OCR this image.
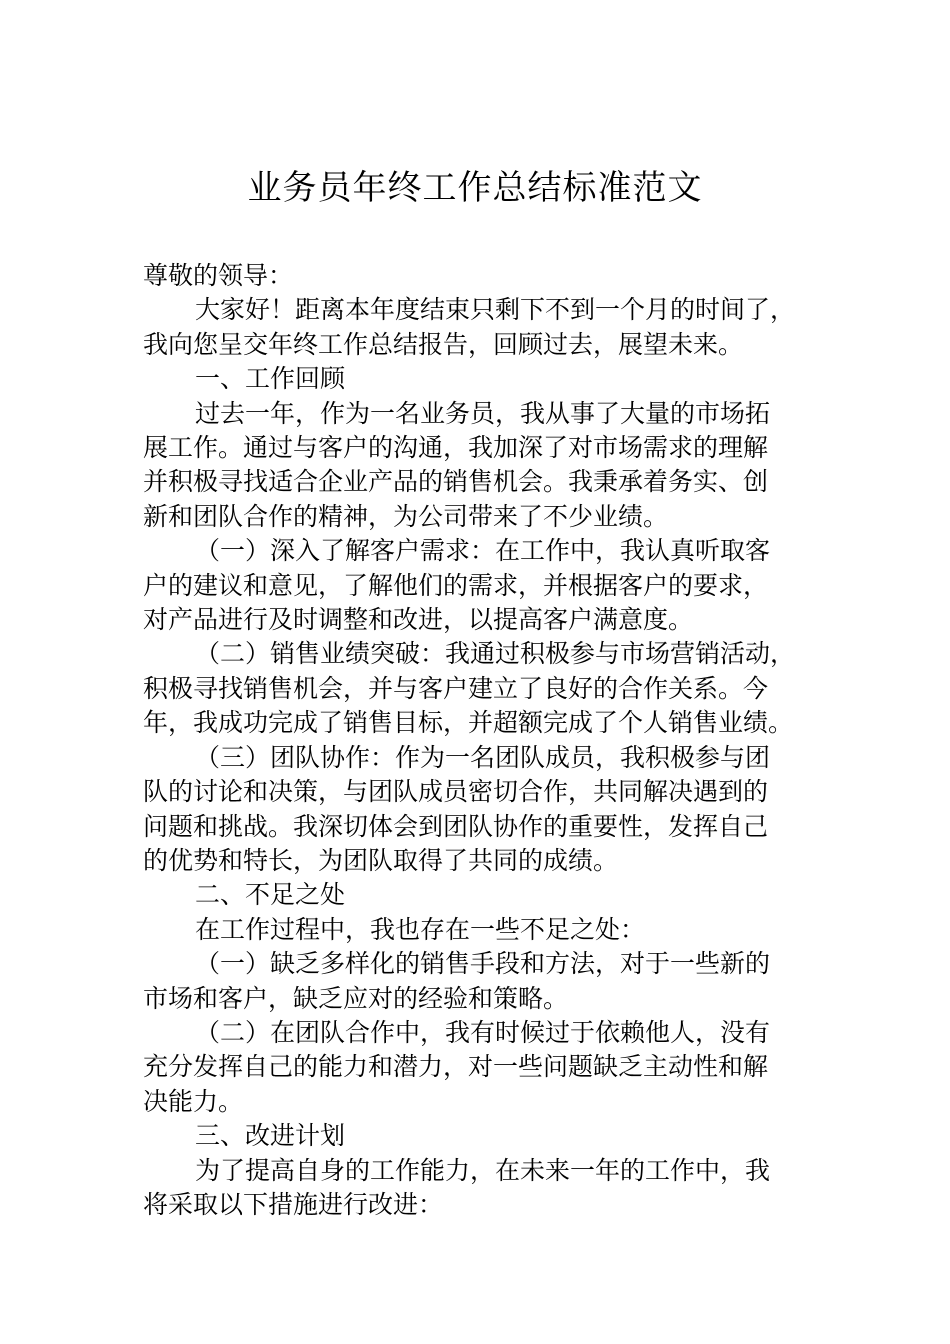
业务员年终工作总结标准范文

尊敬的领导：

大家好！距离本年度结束只剩下不到一个月的时间了，

我向您呈交年终工作总结报告，回顾过去，展望未来。

一、工作回顾

过去一年，作为一名业务员，我从事了大量的市场拓

展工作。通过与客户的沟通，我加深了对市场需求的理解

并积极寻找适合企业产品的销售机会。我秉承着务实、创

新和团队合作的精神，为公司带来了不少业绩。

（一）深入了解客户需求：在工作中，我认真听取客

户的建议和意见，了解他们的需求，并根据客户的要求，

对产品进行及时调整和改进，以提高客户满意度。

（二）销售业绩突破：我通过积极参与市场营销活动，

积极寻找销售机会，并与客户建立了良好的合作关系。今

年，我成功完成了销售目标，并超额完成了个人销售业绩。

（三）团队协作：作为一名团队成员，我积极参与团

队的讨论和决策，与团队成员密切合作，共同解决遇到的

问题和挑战。我深切体会到团队协作的重要性，发挥自己

的优势和特长，为团队取得了共同的成绩。

二、不足之处

在工作过程中，我也存在一些不足之处：

（一）缺乏多样化的销售手段和方法，对于一些新的

市场和客户，缺乏应对的经验和策略。

（二）在团队合作中，我有时候过于依赖他人，没有

充分发挥自己的能力和潜力，对一些问题缺乏主动性和解

决能力。

三、改进计划

为了提高自身的工作能力，在未来一年的工作中，我

将采取以下措施进行改进：
